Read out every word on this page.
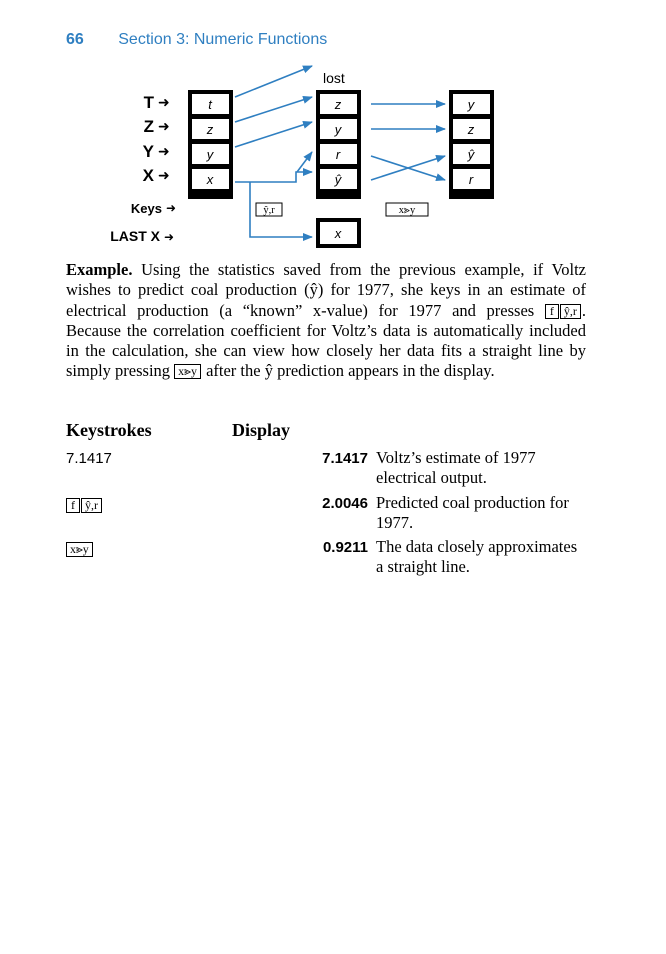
66 Section 3: Numeric Functions
lost
T
Z
Y
X
Keys
LAST X
➜
➜
➜
➜
➜
➜
t
z
y
x
z
y
r
ŷ
x
y
z
ŷ
r
ŷ,r	x⪢y

Example. Using the statistics saved from the previous example, if Voltz wishes to predict coal production (ŷ) for 1977, she keys in an estimate of electrical production (a “known” x-value) for 1977 and presses f ŷ,r . Because the correlation coefficient for Voltz’s data is automatically included in the calculation, she can view how closely her data fits a straight line by simply pressing x⪢y after the ŷ prediction appears in the display.

Keystrokes	Display
7.1417	7.1417 Voltz’s estimate of 1977 electrical output.
f ŷ,r	2.0046 Predicted coal production for 1977.
x⪢y	0.9211 The data closely approximates a straight line.
